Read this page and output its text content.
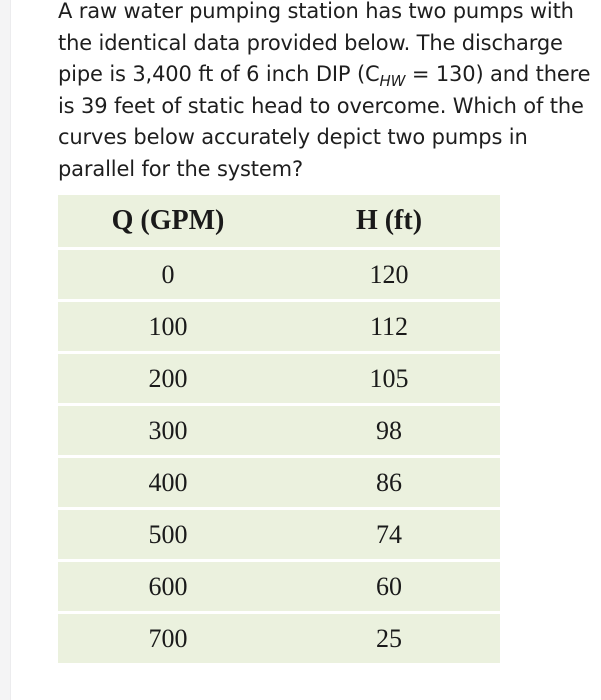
A raw water pumping station has two pumps with the identical data provided below. The discharge pipe is 3,400 ft of 6 inch DIP $(C_{HW} = 130)$ and there is 39 feet of static head to overcome. Which of the curves below accurately depict two pumps in parallel for the system?
Q (GPM)	H (ft)
0	120
100	112
200	105
300	98
400	86
500	74
600	60
700	25
